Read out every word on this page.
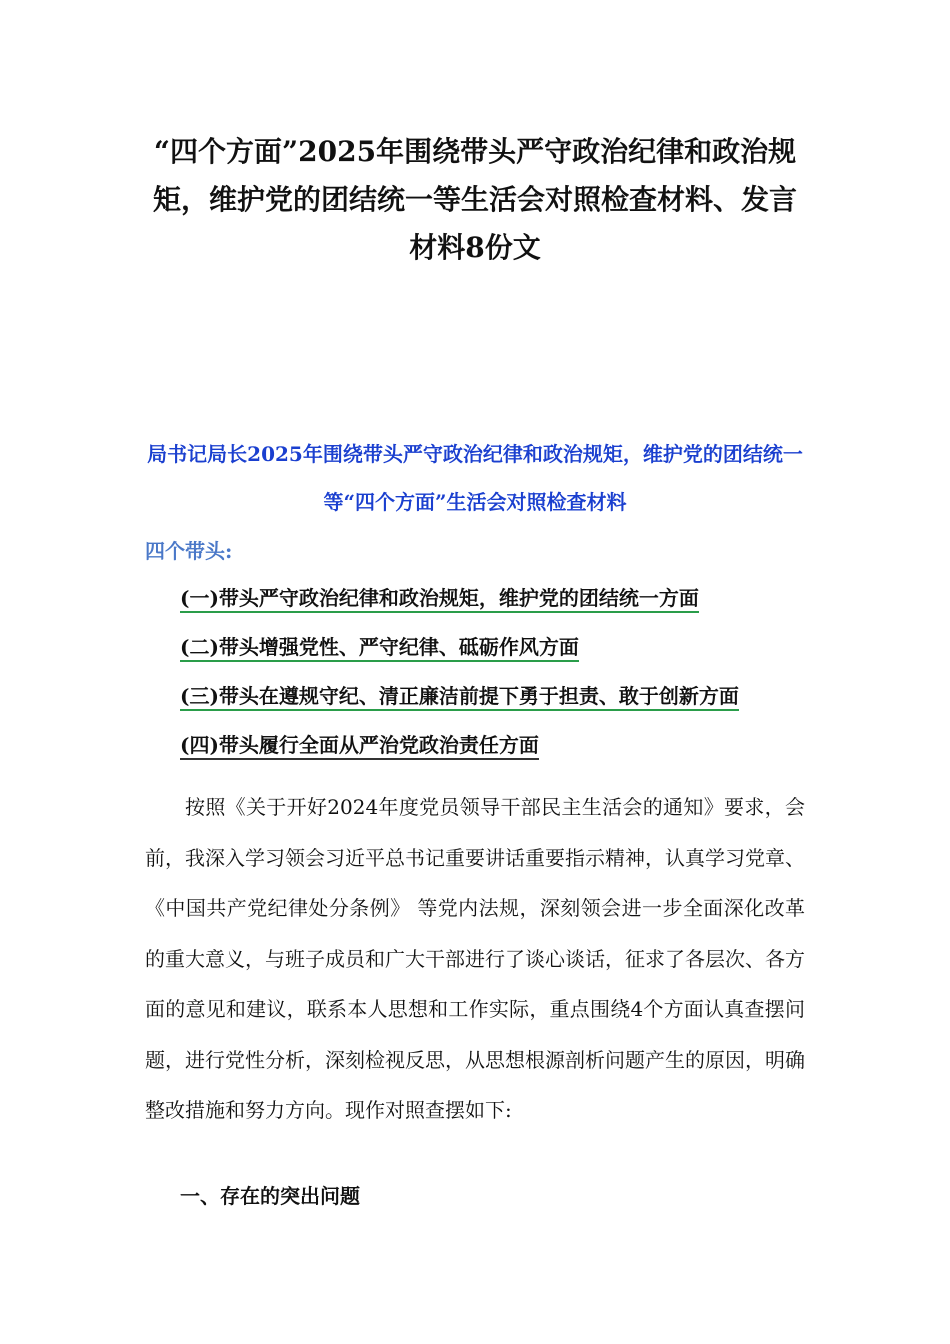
“四个方面”2025年围绕带头严守政治纪律和政治规矩，维护党的团结统一等生活会对照检查材料、发言材料8份文
局书记局长2025年围绕带头严守政治纪律和政治规矩，维护党的团结统一等“四个方面”生活会对照检查材料

四个带头:

(一)带头严守政治纪律和政治规矩，维护党的团结统一方面
(二)带头增强党性、严守纪律、砥砺作风方面
(三)带头在遵规守纪、清正廉洁前提下勇于担责、敢于创新方面
(四)带头履行全面从严治党政治责任方面

按照《关于开好2024年度党员领导干部民主生活会的通知》要求，会前，我深入学习领会习近平总书记重要讲话重要指示精神，认真学习党章、《中国共产党纪律处分条例》 等党内法规，深刻领会进一步全面深化改革的重大意义，与班子成员和广大干部进行了谈心谈话，征求了各层次、各方面的意见和建议，联系本人思想和工作实际，重点围绕4个方面认真查摆问题，进行党性分析，深刻检视反思，从思想根源剖析问题产生的原因，明确整改措施和努力方向。现作对照查摆如下:

一、存在的突出问题
